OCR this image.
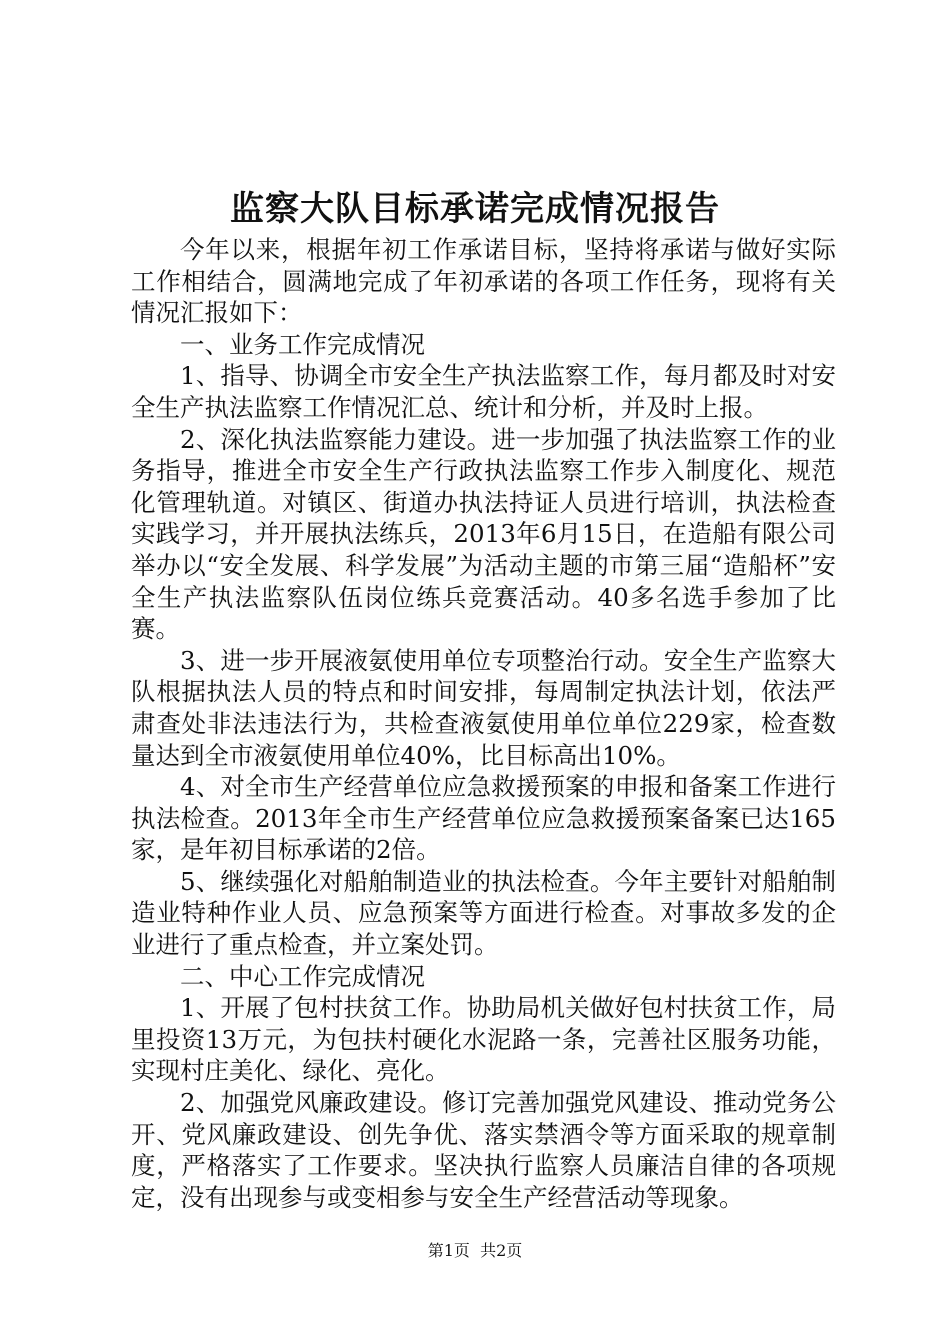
监察大队目标承诺完成情况报告

今年以来，根据年初工作承诺目标，坚持将承诺与做好实际工作相结合，圆满地完成了年初承诺的各项工作任务，现将有关情况汇报如下：

一、业务工作完成情况

1、指导、协调全市安全生产执法监察工作，每月都及时对安全生产执法监察工作情况汇总、统计和分析，并及时上报。

2、深化执法监察能力建设。进一步加强了执法监察工作的业务指导，推进全市安全生产行政执法监察工作步入制度化、规范化管理轨道。对镇区、街道办执法持证人员进行培训，执法检查实践学习，并开展执法练兵，2013年6月15日，在造船有限公司举办以“安全发展、科学发展”为活动主题的市第三届“造船杯”安全生产执法监察队伍岗位练兵竞赛活动。40多名选手参加了比赛。

3、进一步开展液氨使用单位专项整治行动。安全生产监察大队根据执法人员的特点和时间安排，每周制定执法计划，依法严肃查处非法违法行为，共检查液氨使用单位单位229家，检查数量达到全市液氨使用单位40%，比目标高出10%。

4、对全市生产经营单位应急救援预案的申报和备案工作进行执法检查。2013年全市生产经营单位应急救援预案备案已达165家，是年初目标承诺的2倍。

5、继续强化对船舶制造业的执法检查。今年主要针对船舶制造业特种作业人员、应急预案等方面进行检查。对事故多发的企业进行了重点检查，并立案处罚。

二、中心工作完成情况

1、开展了包村扶贫工作。协助局机关做好包村扶贫工作，局里投资13万元，为包扶村硬化水泥路一条，完善社区服务功能，实现村庄美化、绿化、亮化。

2、加强党风廉政建设。修订完善加强党风建设、推动党务公开、党风廉政建设、创先争优、落实禁酒令等方面采取的规章制度，严格落实了工作要求。坚决执行监察人员廉洁自律的各项规定，没有出现参与或变相参与安全生产经营活动等现象。

第1页  共2页
